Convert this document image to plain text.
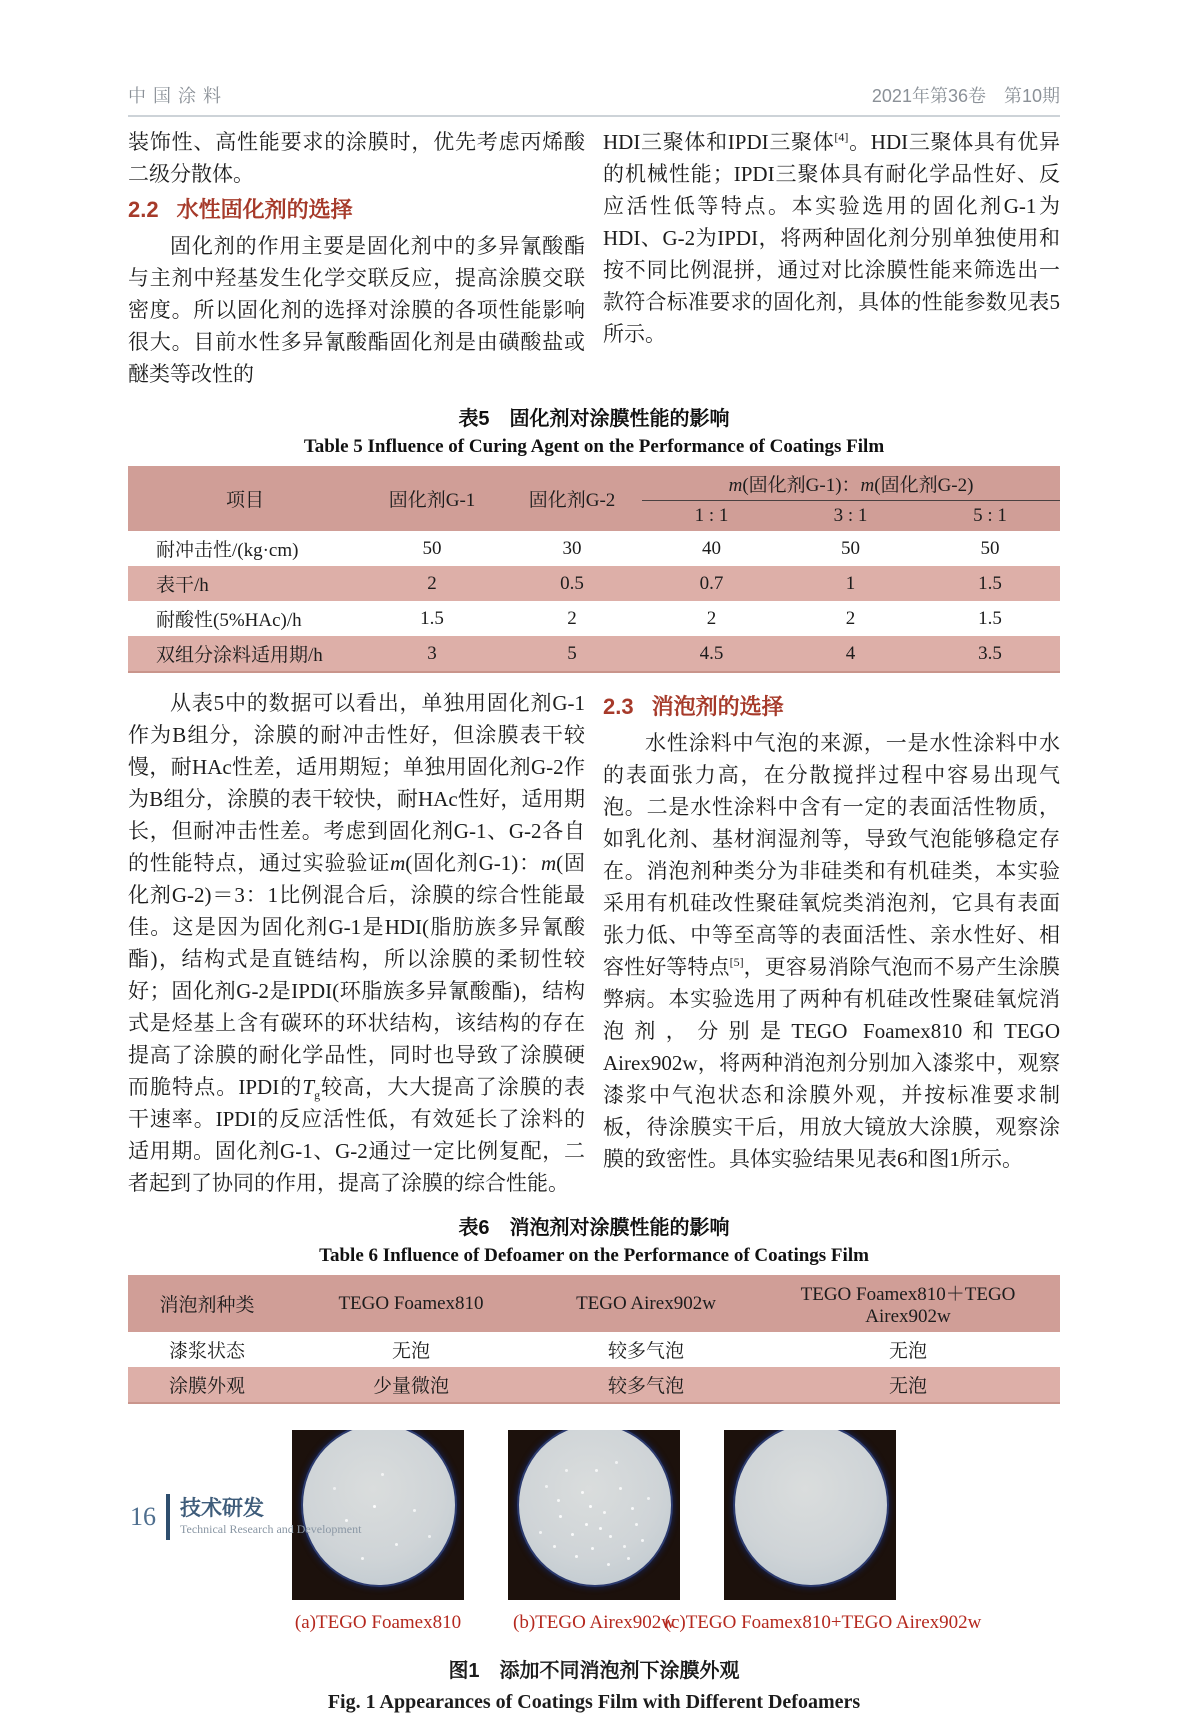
中国涂料	2021年第36卷　第10期
装饰性、高性能要求的涂膜时，优先考虑丙烯酸二级分散体。
2.2 水性固化剂的选择
固化剂的作用主要是固化剂中的多异氰酸酯与主剂中羟基发生化学交联反应，提高涂膜交联密度。所以固化剂的选择对涂膜的各项性能影响很大。目前水性多异氰酸酯固化剂是由磺酸盐或醚类等改性的
HDI三聚体和IPDI三聚体[4]。HDI三聚体具有优异的机械性能；IPDI三聚体具有耐化学品性好、反应活性低等特点。本实验选用的固化剂G-1为HDI、G-2为IPDI，将两种固化剂分别单独使用和按不同比例混拼，通过对比涂膜性能来筛选出一款符合标准要求的固化剂，具体的性能参数见表5所示。
表5　固化剂对涂膜性能的影响
Table 5 Influence of Curing Agent on the Performance of Coatings Film
项目	固化剂G-1	固化剂G-2	m(固化剂G-1)：m(固化剂G-2)		
			1 : 1	3 : 1	5 : 1
耐冲击性/(kg·cm)	50	30	40	50	50
表干/h	2	0.5	0.7	1	1.5
耐酸性(5%HAc)/h	1.5	2	2	2	1.5
双组分涂料适用期/h	3	5	4.5	4	3.5
从表5中的数据可以看出，单独用固化剂G-1作为B组分，涂膜的耐冲击性好，但涂膜表干较慢，耐HAc性差，适用期短；单独用固化剂G-2作为B组分，涂膜的表干较快，耐HAc性好，适用期长，但耐冲击性差。考虑到固化剂G-1、G-2各自的性能特点，通过实验验证m(固化剂G-1)：m(固化剂G-2)＝3：1比例混合后，涂膜的综合性能最佳。这是因为固化剂G-1是HDI(脂肪族多异氰酸酯)，结构式是直链结构，所以涂膜的柔韧性较好；固化剂G-2是IPDI(环脂族多异氰酸酯)，结构式是烃基上含有碳环的环状结构，该结构的存在提高了涂膜的耐化学品性，同时也导致了涂膜硬而脆特点。IPDI的$T_g$较高，大大提高了涂膜的表干速率。IPDI的反应活性低，有效延长了涂料的适用期。固化剂G-1、G-2通过一定比例复配，二者起到了协同的作用，提高了涂膜的综合性能。
2.3 消泡剂的选择
水性涂料中气泡的来源，一是水性涂料中水的表面张力高，在分散搅拌过程中容易出现气泡。二是水性涂料中含有一定的表面活性物质，如乳化剂、基材润湿剂等，导致气泡能够稳定存在。消泡剂种类分为非硅类和有机硅类，本实验采用有机硅改性聚硅氧烷类消泡剂，它具有表面张力低、中等至高等的表面活性、亲水性好、相容性好等特点[5]，更容易消除气泡而不易产生涂膜弊病。本实验选用了两种有机硅改性聚硅氧烷消泡剂，分别是TEGO Foamex810和TEGO Airex902w，将两种消泡剂分别加入漆浆中，观察漆浆中气泡状态和涂膜外观，并按标准要求制板，待涂膜实干后，用放大镜放大涂膜，观察涂膜的致密性。具体实验结果见表6和图1所示。
表6　消泡剂对涂膜性能的影响
Table 6 Influence of Defoamer on the Performance of Coatings Film
消泡剂种类	TEGO Foamex810	TEGO Airex902w	TEGO Foamex810＋TEGO Airex902w
漆浆状态	无泡	较多气泡	无泡
涂膜外观	少量微泡	较多气泡	无泡
(a)TEGO Foamex810	(b)TEGO Airex902w
(c)TEGO Foamex810+TEGO Airex902w
图1　添加不同消泡剂下涂膜外观
Fig. 1 Appearances of Coatings Film with Different Defoamers
16 技术研发
Technical Research and Development
